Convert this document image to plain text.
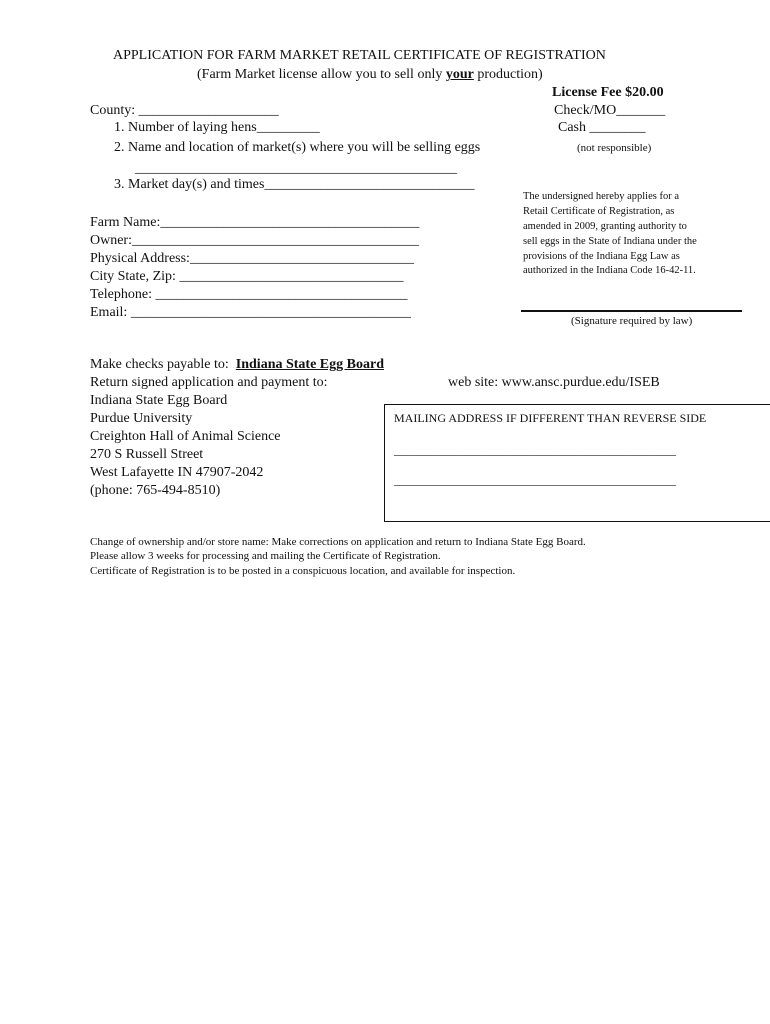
APPLICATION FOR FARM MARKET RETAIL CERTIFICATE OF REGISTRATION
(Farm Market license allow you to sell only your production)
License Fee $20.00
Check/MO_______
Cash ________
(not responsible)
County: ____________________
1. Number of laying hens_________
2. Name and location of market(s) where you will be selling eggs
______________________________________________
3. Market day(s) and times______________________________
Farm Name:_____________________________________
Owner:_________________________________________
Physical Address:________________________________
City State, Zip: ________________________________
Telephone: ____________________________________
Email: ________________________________________
The undersigned hereby applies for a
Retail Certificate of Registration, as
amended in 2009, granting authority to
sell eggs in the State of Indiana under the
provisions of the Indiana Egg Law as
authorized in the Indiana Code 16-42-11.
(Signature required by law)
Make checks payable to: Indiana State Egg Board
Return signed application and payment to:	web site: www.ansc.purdue.edu/ISEB
Indiana State Egg Board
Purdue University
Creighton Hall of Animal Science
270 S Russell Street
West Lafayette IN 47907-2042
(phone: 765-494-8510)
MAILING ADDRESS IF DIFFERENT THAN REVERSE SIDE
_______________________________________________
_______________________________________________
Change of ownership and/or store name: Make corrections on application and return to Indiana State Egg Board.
Please allow 3 weeks for processing and mailing the Certificate of Registration.
Certificate of Registration is to be posted in a conspicuous location, and available for inspection.
